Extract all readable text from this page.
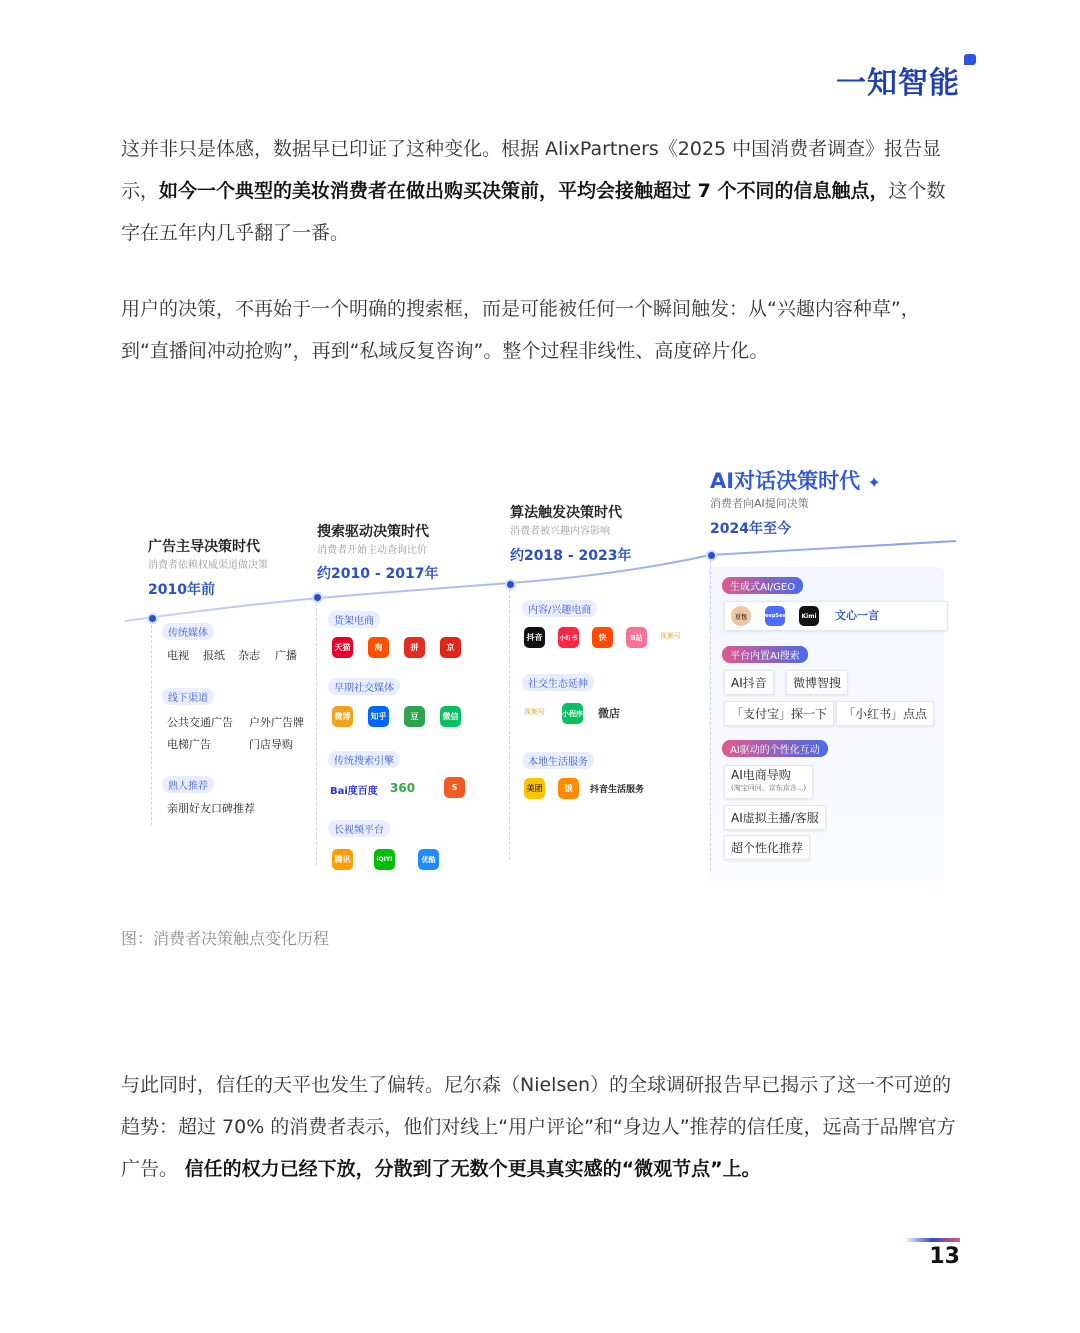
一知智能
这并非只是体感，数据早已印证了这种变化。根据 AlixPartners《2025 中国消费者调查》报告显示，如今一个典型的美妆消费者在做出购买决策前，平均会接触超过 7 个不同的信息触点，这个数字在五年内几乎翻了一番。
用户的决策，不再始于一个明确的搜索框，而是可能被任何一个瞬间触发：从“兴趣内容种草”，到“直播间冲动抢购”，再到“私域反复咨询”。整个过程非线性、高度碎片化。
广告主导决策时代
消费者依赖权威渠道做决策
2010年前
搜索驱动决策时代
消费者开始主动查询比价
约2010 - 2017年
算法触发决策时代
消费者被兴趣内容影响
约2018 - 2023年
AI对话决策时代 ✦
消费者向AI提问决策
2024年至今
传统媒体
电视 报纸 杂志 广播
线下渠道
公共交通广告 户外广告牌
电梯广告	门店导购
熟人推荐
亲朋好友口碑推荐
货架电商
天猫	淘	拼	京
早期社交媒体
微博	知乎	豆	微信
传统搜索引擎
Bai度百度 360	S
长视频平台
腾讯	iQIYI	优酷
内容/兴趣电商
抖音	小红书	快	B站	视频号
社交生态延伸
视频号 小程序 微店
本地生活服务
美团	饿	抖音生活服务
生成式AI/GEO
豆包	DeepSeek	Kimi 文心一言
平台内置AI搜索
AI抖音	微博智搜
「支付宝」探一下	「小红书」点点
AI驱动的个性化互动
AI电商导购
(淘宝问问、京东京言...)
AI虚拟主播/客服
超个性化推荐
图：消费者决策触点变化历程
与此同时，信任的天平也发生了偏转。尼尔森（Nielsen）的全球调研报告早已揭示了这一不可逆的趋势：超过 70% 的消费者表示，他们对线上“用户评论”和“身边人”推荐的信任度，远高于品牌官方广告。 信任的权力已经下放，分散到了无数个更具真实感的“微观节点”上。
13
